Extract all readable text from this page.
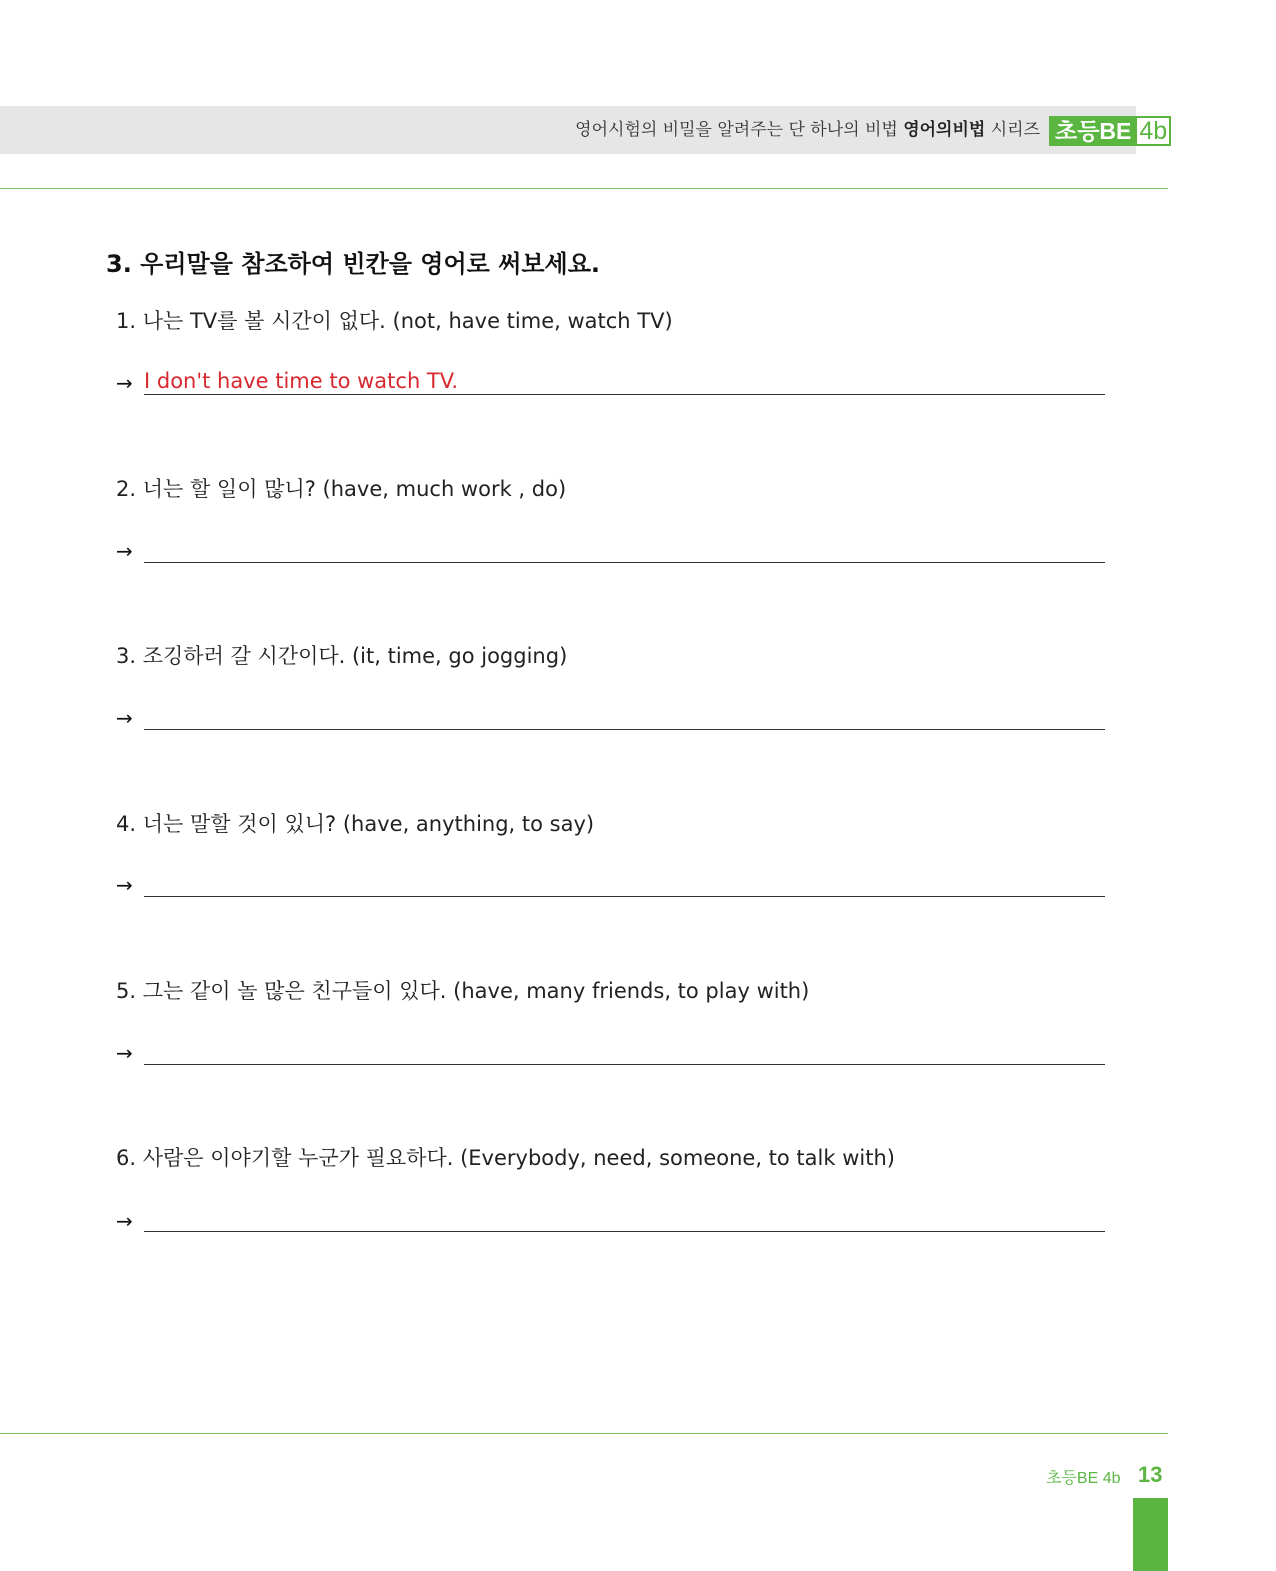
영어시험의 비밀을 알려주는 단 하나의 비법 영어의비법 시리즈 초등BE 4b
3. 우리말을 참조하여 빈칸을 영어로 써보세요.
1. 나는 TV를 볼 시간이 없다. (not, have time, watch TV)
→ I don't have time to watch TV.
2. 너는 할 일이 많니? (have, much work , do)
→
3. 조깅하러 갈 시간이다. (it, time, go jogging)
→
4. 너는 말할 것이 있니? (have, anything, to say)
→
5. 그는 같이 놀 많은 친구들이 있다. (have, many friends, to play with)
→
6. 사람은 이야기할 누군가 필요하다. (Everybody, need, someone, to talk with)
→
초등BE 4b 13
